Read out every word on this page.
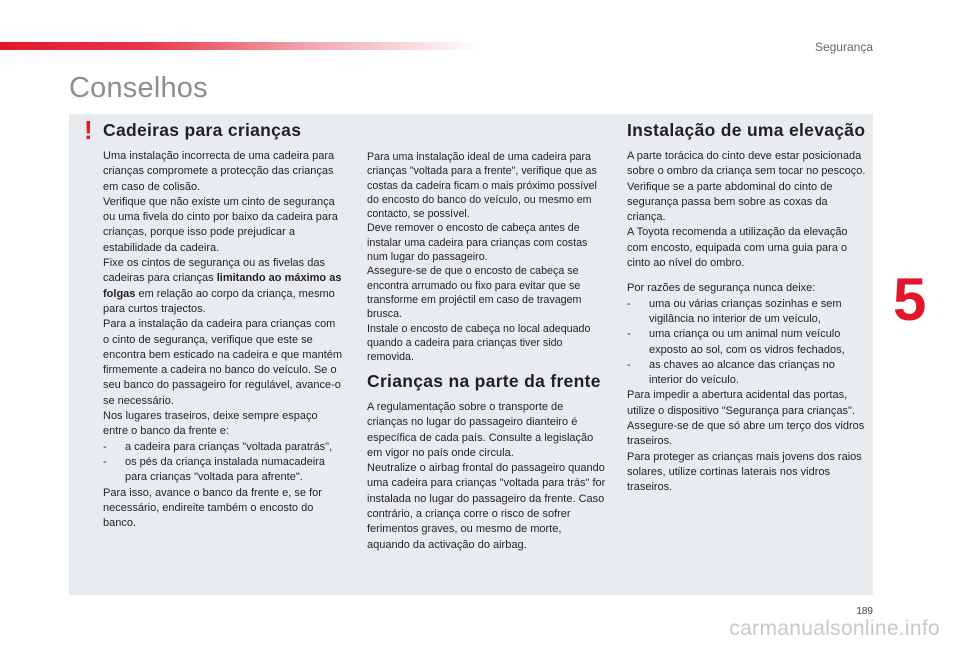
Segurança
Conselhos
! Cadeiras para crianças

Uma instalação incorrecta de uma cadeira para crianças compromete a protecção das crianças em caso de colisão.

Verifique que não existe um cinto de segurança ou uma fivela do cinto por baixo da cadeira para crianças, porque isso pode prejudicar a estabilidade da cadeira.

Fixe os cintos de segurança ou as fivelas das cadeiras para crianças limitando ao máximo as folgas em relação ao corpo da criança, mesmo para curtos trajectos.

Para a instalação da cadeira para crianças com o cinto de segurança, verifique que este se encontra bem esticado na cadeira e que mantém firmemente a cadeira no banco do veículo. Se o seu banco do passageiro for regulável, avance-o se necessário.

Nos lugares traseiros, deixe sempre espaço entre o banco da frente e:

-	a cadeira para crianças "voltada paratrás",
-	os pés da criança instalada numacadeira para crianças "voltada para afrente".

Para isso, avance o banco da frente e, se for necessário, endireite também o encosto do banco.

Para uma instalação ideal de uma cadeira para crianças "voltada para a frente", verifique que as costas da cadeira ficam o mais próximo possível do encosto do banco do veículo, ou mesmo em contacto, se possível.

Deve remover o encosto de cabeça antes de instalar uma cadeira para crianças com costas num lugar do passageiro.

Assegure-se de que o encosto de cabeça se encontra arrumado ou fixo para evitar que se transforme em projéctil em caso de travagem brusca.

Instale o encosto de cabeça no local adequado quando a cadeira para crianças tiver sido removida.

Crianças na parte da frente

A regulamentação sobre o transporte de crianças no lugar do passageiro dianteiro é específica de cada país. Consulte a legislação em vigor no país onde circula.

Neutralize o airbag frontal do passageiro quando uma cadeira para crianças "voltada para trás" for instalada no lugar do passageiro da frente. Caso contrário, a criança corre o risco de sofrer ferimentos graves, ou mesmo de morte, aquando da activação do airbag.

Instalação de uma elevação

A parte torácica do cinto deve estar posicionada sobre o ombro da criança sem tocar no pescoço.

Verifique se a parte abdominal do cinto de segurança passa bem sobre as coxas da criança.

A Toyota recomenda a utilização da elevação com encosto, equipada com uma guia para o cinto ao nível do ombro.

Por razões de segurança nunca deixe:

-	uma ou várias crianças sozinhas e sem vigilância no interior de um veículo,
-	uma criança ou um animal num veículo exposto ao sol, com os vidros fechados,
-	as chaves ao alcance das crianças no interior do veículo.

Para impedir a abertura acidental das portas, utilize o dispositivo "Segurança para crianças".

Assegure-se de que só abre um terço dos vidros traseiros.

Para proteger as crianças mais jovens dos raios solares, utilize cortinas laterais nos vidros traseiros.

5
189
carmanualsonline.info
